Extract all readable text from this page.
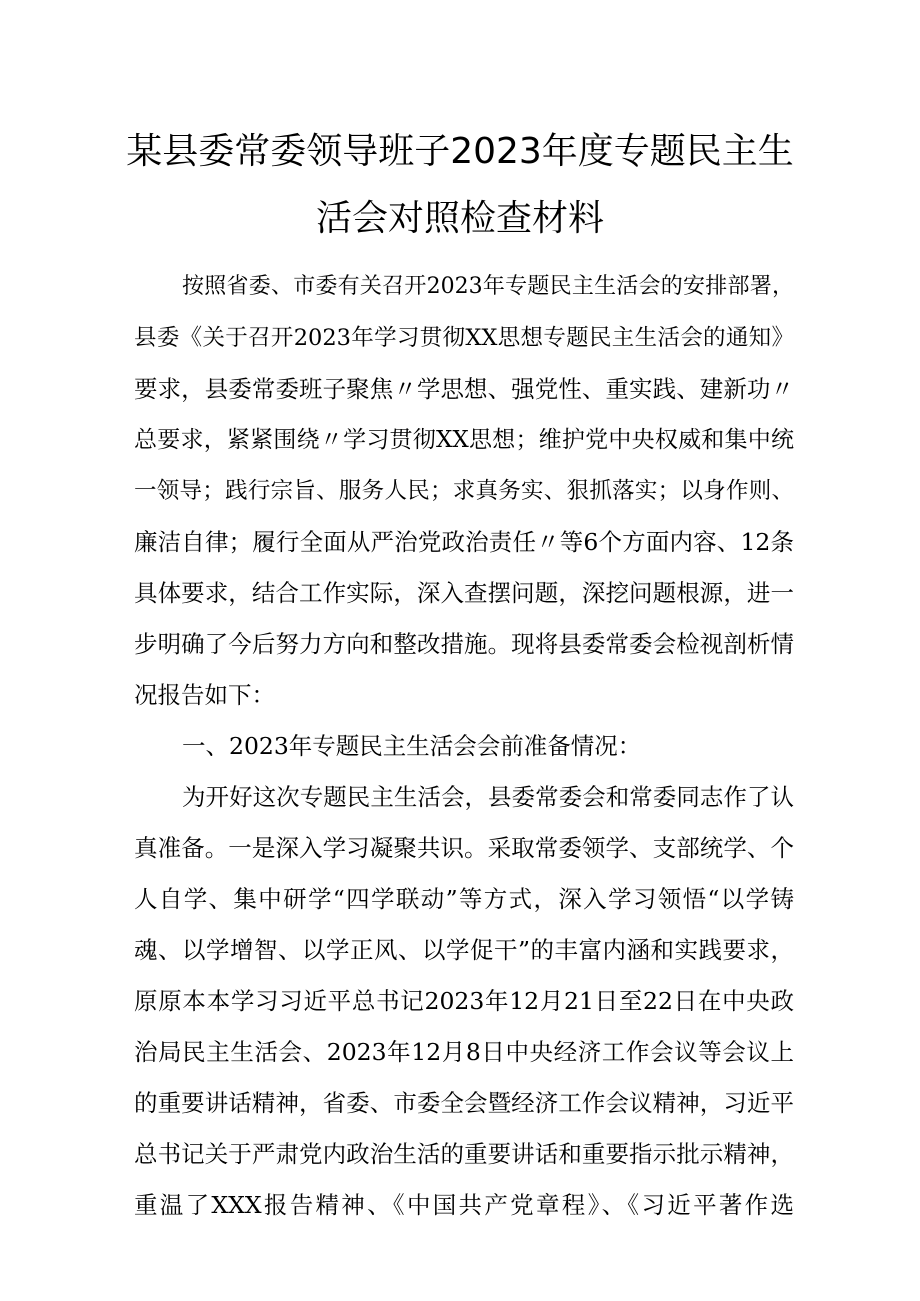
某县委常委领导班子2023年度专题民主生
活会对照检查材料
按照省委、市委有关召开2023年专题民主生活会的安排部署，
县委《关于召开2023年学习贯彻XX思想专题民主生活会的通知》
要求，县委常委班子聚焦〃学思想、强党性、重实践、建新功〃
总要求，紧紧围绕〃学习贯彻XX思想；维护党中央权威和集中统
一领导；践行宗旨、服务人民；求真务实、狠抓落实；以身作则、
廉洁自律；履行全面从严治党政治责任〃等6个方面内容、12条
具体要求，结合工作实际，深入查摆问题，深挖问题根源，进一
步明确了今后努力方向和整改措施。现将县委常委会检视剖析情
况报告如下：
一、2023年专题民主生活会会前准备情况：
为开好这次专题民主生活会，县委常委会和常委同志作了认
真准备。一是深入学习凝聚共识。采取常委领学、支部统学、个
人自学、集中研学“四学联动”等方式，深入学习领悟“以学铸
魂、以学增智、以学正风、以学促干”的丰富内涵和实践要求，
原原本本学习习近平总书记2023年12月21日至22日在中央政
治局民主生活会、2023年12月8日中央经济工作会议等会议上
的重要讲话精神，省委、市委全会暨经济工作会议精神，习近平
总书记关于严肃党内政治生活的重要讲话和重要指示批示精神，
重温了XXX报告精神、《中国共产党章程》、《习近平著作选
